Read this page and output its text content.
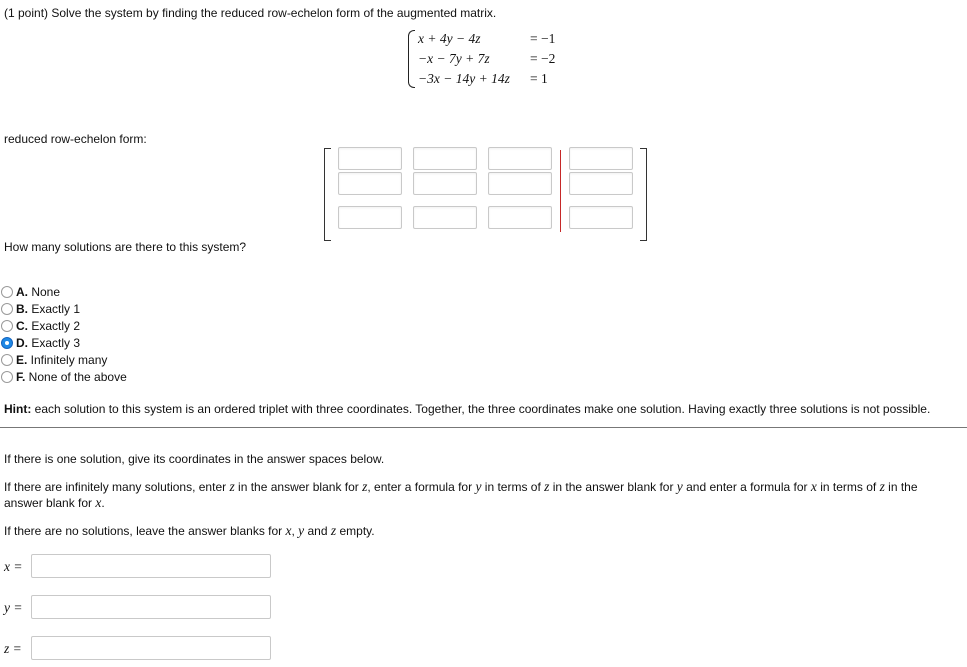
(1 point) Solve the system by finding the reduced row-echelon form of the augmented matrix.
x + 4y − 4z	= −1
−x − 7y + 7z	= −2
−3x − 14y + 14z = 1
reduced row-echelon form:
How many solutions are there to this system?
A. None
B. Exactly 1
C. Exactly 2
D. Exactly 3
E. Infinitely many
F. None of the above
Hint: each solution to this system is an ordered triplet with three coordinates. Together, the three coordinates make one solution. Having exactly three solutions is not possible.
If there is one solution, give its coordinates in the answer spaces below.
If there are infinitely many solutions, enter z in the answer blank for z, enter a formula for y in terms of z in the answer blank for y and enter a formula for x in terms of z in the
answer blank for x.
If there are no solutions, leave the answer blanks for x, y and z empty.
x =
y =
z =
